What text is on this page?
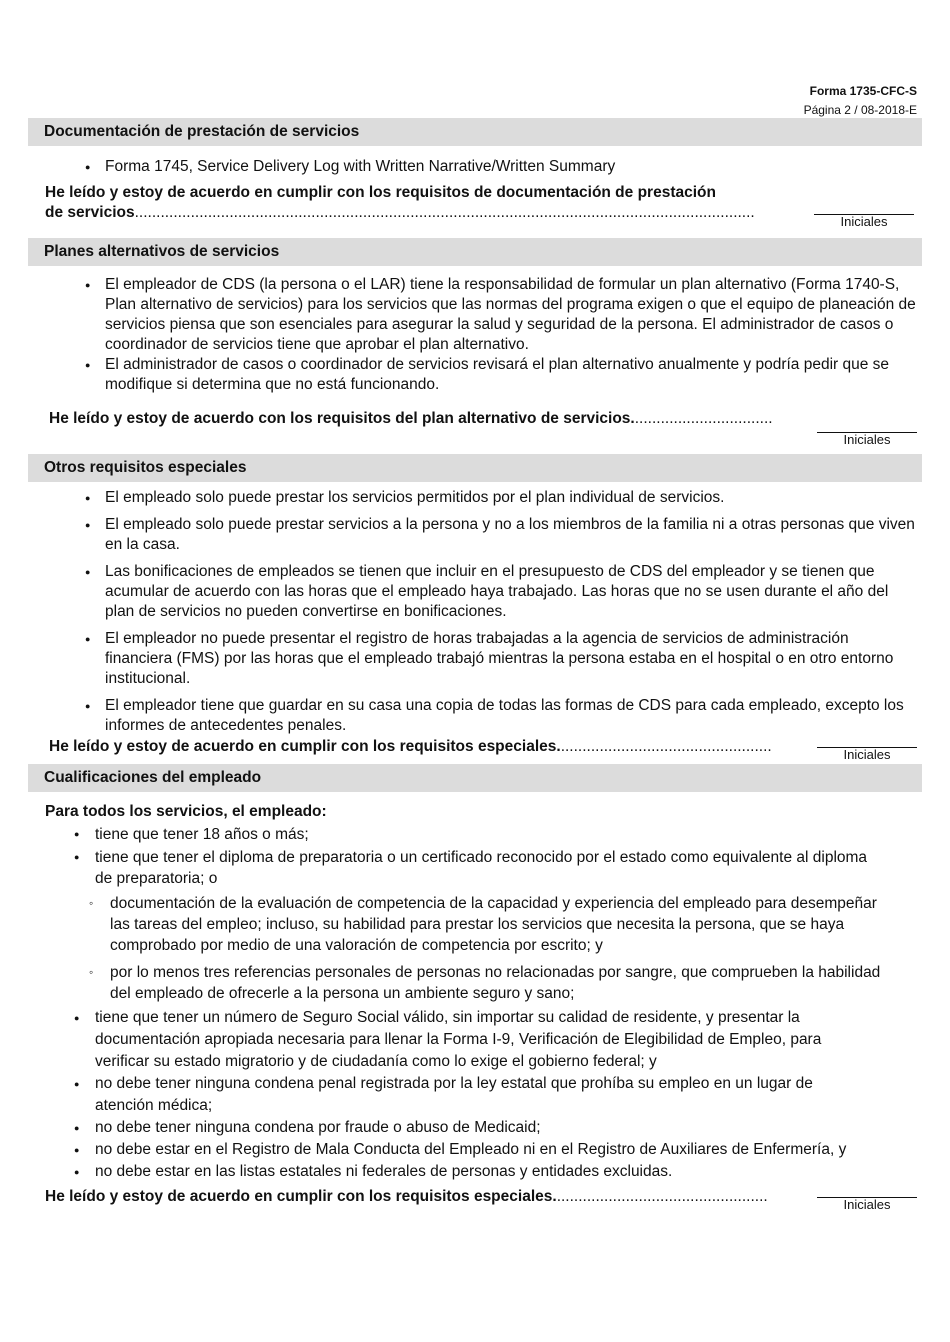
Forma 1735-CFC-S
Página 2 / 08-2018-E
Documentación de prestación de servicios
● Forma 1745, Service Delivery Log with Written Narrative/Written Summary
He leído y estoy de acuerdo en cumplir con los requisitos de documentación de prestación
de servicios................................................................................................................................................
Iniciales
Planes alternativos de servicios
● El empleador de CDS (la persona o el LAR) tiene la responsabilidad de formular un plan alternativo (Forma 1740-S, Plan alternativo de servicios) para los servicios que las normas del programa exigen o que el equipo de planeación de servicios piensa que son esenciales para asegurar la salud y seguridad de la persona. El administrador de casos o coordinador de servicios tiene que aprobar el plan alternativo.
● El administrador de casos o coordinador de servicios revisará el plan alternativo anualmente y podría pedir que se modifique si determina que no está funcionando.
He leído y estoy de acuerdo con los requisitos del plan alternativo de servicios.................................
Iniciales
Otros requisitos especiales
● El empleado solo puede prestar los servicios permitidos por el plan individual de servicios.
● El empleado solo puede prestar servicios a la persona y no a los miembros de la familia ni a otras personas que viven en la casa.
● Las bonificaciones de empleados se tienen que incluir en el presupuesto de CDS del empleador y se tienen que acumular de acuerdo con las horas que el empleado haya trabajado. Las horas que no se usen durante el año del plan de servicios no pueden convertirse en bonificaciones.
● El empleador no puede presentar el registro de horas trabajadas a la agencia de servicios de administración financiera (FMS) por las horas que el empleado trabajó mientras la persona estaba en el hospital o en otro entorno institucional.
● El empleador tiene que guardar en su casa una copia de todas las formas de CDS para cada empleado, excepto los informes de antecedentes penales.
He leído y estoy de acuerdo en cumplir con los requisitos especiales..................................................	Iniciales
Cualificaciones del empleado
Para todos los servicios, el empleado:
● tiene que tener 18 años o más;
● tiene que tener el diploma de preparatoria o un certificado reconocido por el estado como equivalente al diploma de preparatoria; o
◦ documentación de la evaluación de competencia de la capacidad y experiencia del empleado para desempeñar las tareas del empleo; incluso, su habilidad para prestar los servicios que necesita la persona, que se haya comprobado por medio de una valoración de competencia por escrito; y
◦ por lo menos tres referencias personales de personas no relacionadas por sangre, que comprueben la habilidad del empleado de ofrecerle a la persona un ambiente seguro y sano;
● tiene que tener un número de Seguro Social válido, sin importar su calidad de residente, y presentar la documentación apropiada necesaria para llenar la Forma I-9, Verificación de Elegibilidad de Empleo, para verificar su estado migratorio y de ciudadanía como lo exige el gobierno federal; y
● no debe tener ninguna condena penal registrada por la ley estatal que prohíba su empleo en un lugar de atención médica;
● no debe tener ninguna condena por fraude o abuso de Medicaid;
● no debe estar en el Registro de Mala Conducta del Empleado ni en el Registro de Auxiliares de Enfermería, y
● no debe estar en las listas estatales ni federales de personas y entidades excluidas.
He leído y estoy de acuerdo en cumplir con los requisitos especiales..................................................	Iniciales
